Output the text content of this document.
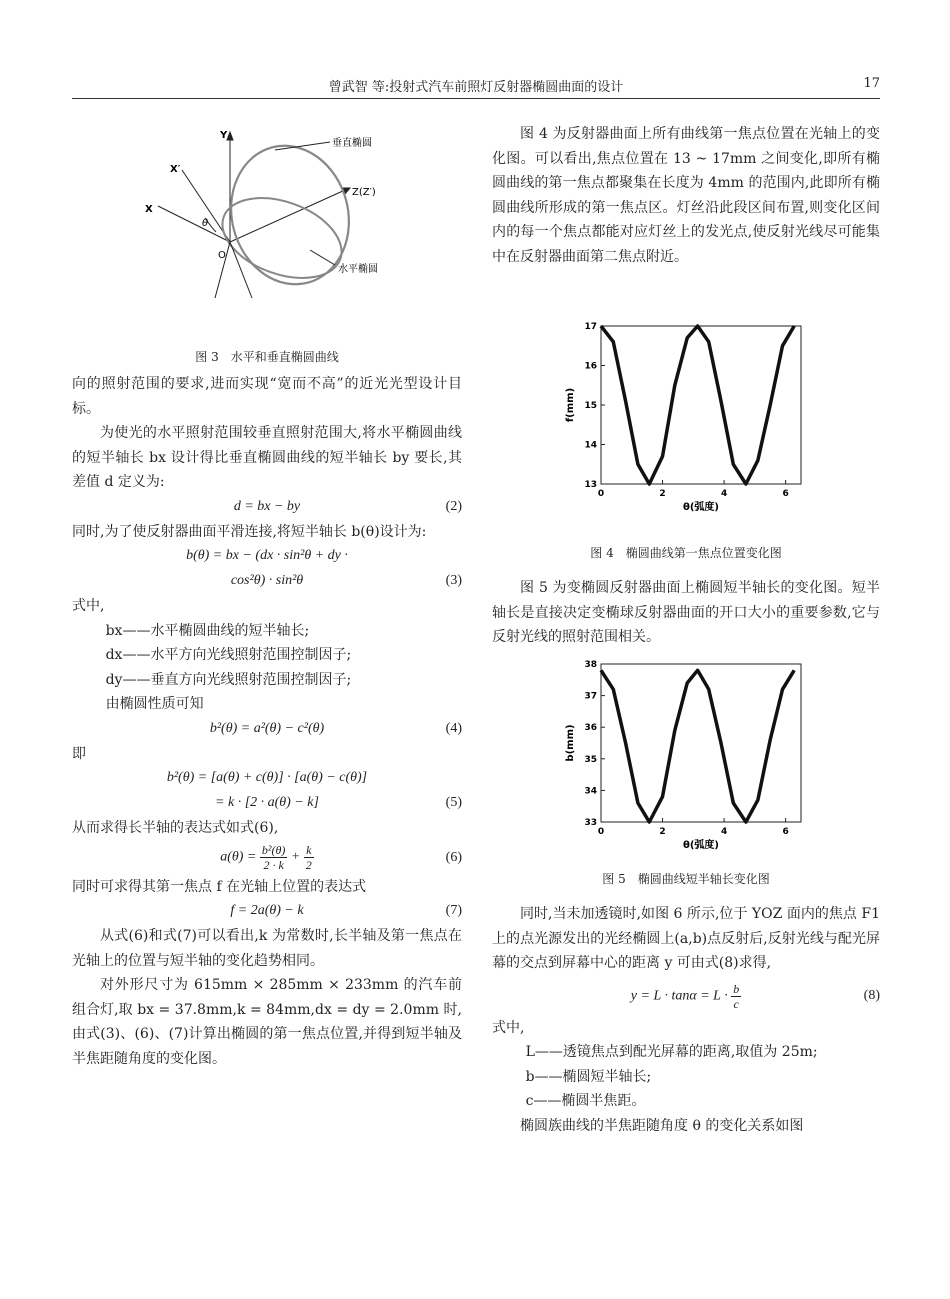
曾武智 等:投射式汽车前照灯反射器椭圆曲面的设计	17
Y
X′
X
Z(Z′)
θ
O
垂直椭圆
水平椭圆
图 3　水平和垂直椭圆曲线

向的照射范围的要求,进而实现“宽而不高”的近光光型设计目标。

为使光的水平照射范围较垂直照射范围大,将水平椭圆曲线的短半轴长 bx 设计得比垂直椭圆曲线的短半轴长 by 要长,其差值 d 定义为:

d = bx − by	(2)

同时,为了使反射器曲面平滑连接,将短半轴长 b(θ)设计为:

b(θ) = bx − (dx · sin²θ + dy ·
cos²θ) · sin²θ	(3)

式中,

bx——水平椭圆曲线的短半轴长;
dx——水平方向光线照射范围控制因子;
dy——垂直方向光线照射范围控制因子;
由椭圆性质可知
b²(θ) = a²(θ) − c²(θ)	(4)

即

b²(θ) = [a(θ) + c(θ)] · [a(θ) − c(θ)]
= k · [2 · a(θ) − k]	(5)

从而求得长半轴的表达式如式(6),

$a(\theta) = \frac{\text{b²(θ)}}{2 \cdot k} + \frac{k}{2}$	(6)

同时可求得其第一焦点 f 在光轴上位置的表达式

f = 2a(θ) − k	(7)

从式(6)和式(7)可以看出,k 为常数时,长半轴及第一焦点在光轴上的位置与短半轴的变化趋势相同。

对外形尺寸为 615mm × 285mm × 233mm 的汽车前组合灯,取 bx = 37.8mm,k = 84mm,dx = dy = 2.0mm 时,由式(3)、(6)、(7)计算出椭圆的第一焦点位置,并得到短半轴及半焦距随角度的变化图。

图 4 为反射器曲面上所有曲线第一焦点位置在光轴上的变化图。可以看出,焦点位置在 13 ~ 17mm 之间变化,即所有椭圆曲线的第一焦点都聚集在长度为 4mm 的范围内,此即所有椭圆曲线所形成的第一焦点区。灯丝沿此段区间布置,则变化区间内的每一个焦点都能对应灯丝上的发光点,使反射光线尽可能集中在反射器曲面第二焦点附近。

0	2	4	6
13
14
15
16
17
θ(弧度)
f(mm)
图 4　椭圆曲线第一焦点位置变化图

图 5 为变椭圆反射器曲面上椭圆短半轴长的变化图。短半轴长是直接决定变椭球反射器曲面的开口大小的重要参数,它与反射光线的照射范围相关。

0	2	4	6
33
34
35
36
37
38
θ(弧度)
b(mm)
图 5　椭圆曲线短半轴长变化图

同时,当未加透镜时,如图 6 所示,位于 YOZ 面内的焦点 F1 上的点光源发出的光经椭圆上(a,b)点反射后,反射光线与配光屏幕的交点到屏幕中心的距离 y 可由式(8)求得,

$y = L \cdot \tan\alpha = L \cdot \frac{b}{c}$	(8)

式中,

L——透镜焦点到配光屏幕的距离,取值为 25m;
b——椭圆短半轴长;
c——椭圆半焦距。

椭圆族曲线的半焦距随角度 θ 的变化关系如图
